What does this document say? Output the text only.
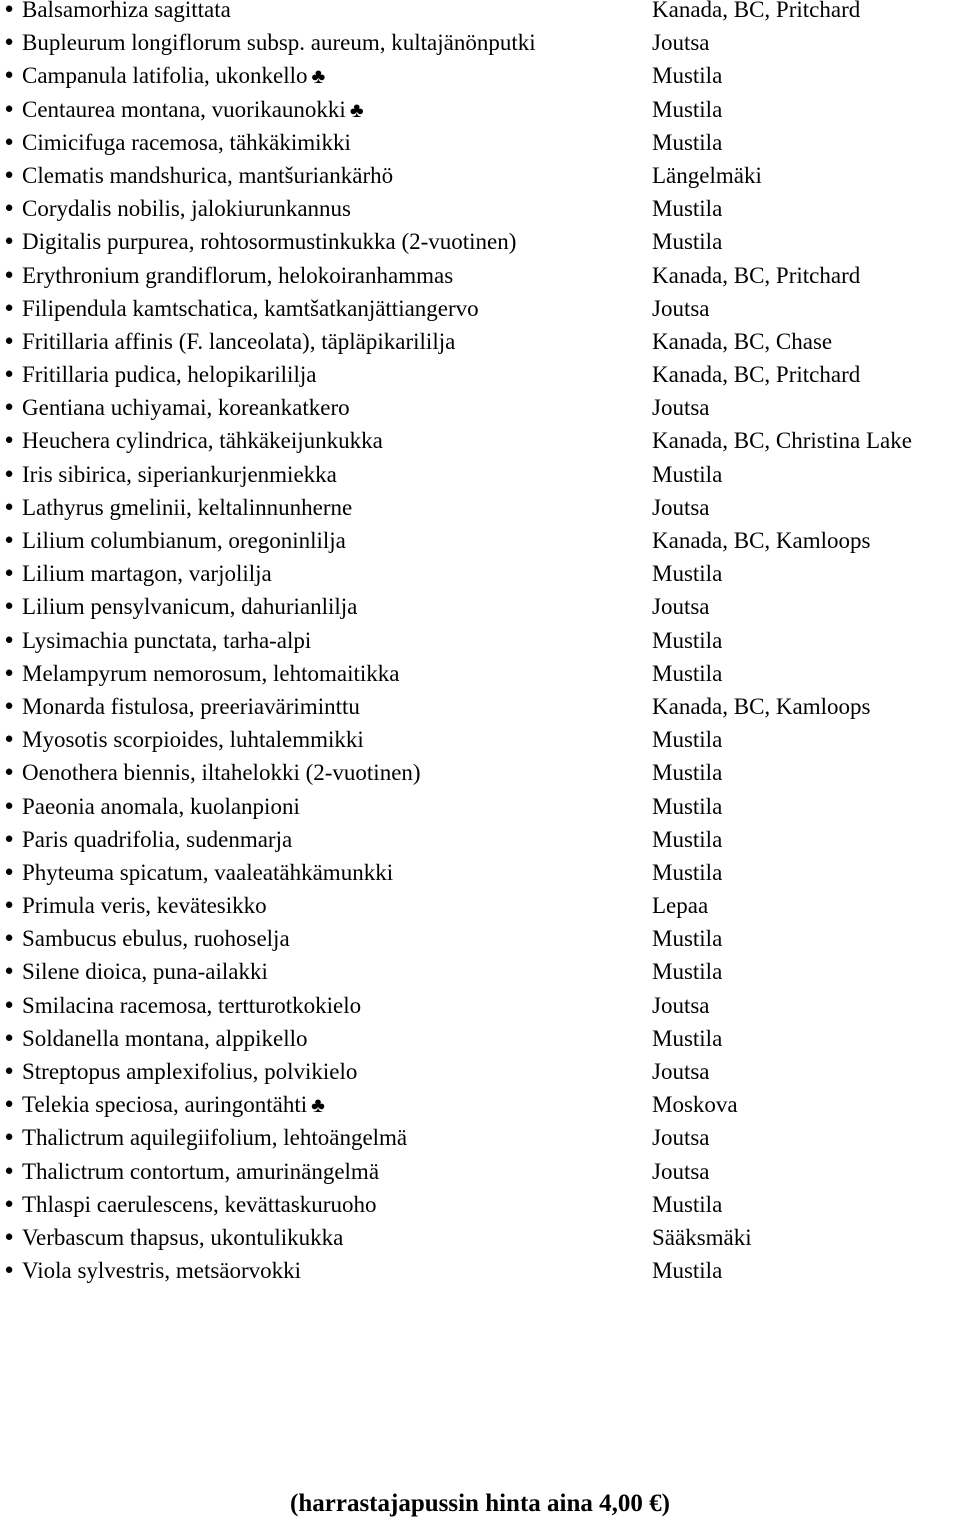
● Balsamorhiza sagittata	Kanada, BC, Pritchard
● Bupleurum longiflorum subsp. aureum, kultajänönputki	Joutsa
● Campanula latifolia, ukonkello ♣	Mustila
● Centaurea montana, vuorikaunokki ♣	Mustila
● Cimicifuga racemosa, tähkäkimikki	Mustila
● Clematis mandshurica, mantšuriankärhö	Längelmäki
● Corydalis nobilis, jalokiurunkannus	Mustila
● Digitalis purpurea, rohtosormustinkukka (2-vuotinen)	Mustila
● Erythronium grandiflorum, helokoiranhammas	Kanada, BC, Pritchard
● Filipendula kamtschatica, kamtšatkanjättiangervo	Joutsa
● Fritillaria affinis (F. lanceolata), täpläpikarililja	Kanada, BC, Chase
● Fritillaria pudica, helopikarililja	Kanada, BC, Pritchard
● Gentiana uchiyamai, koreankatkero	Joutsa
● Heuchera cylindrica, tähkäkeijunkukka	Kanada, BC, Christina Lake
● Iris sibirica, siperiankurjenmiekka	Mustila
● Lathyrus gmelinii, keltalinnunherne	Joutsa
● Lilium columbianum, oregoninlilja	Kanada, BC, Kamloops
● Lilium martagon, varjolilja	Mustila
● Lilium pensylvanicum, dahurianlilja	Joutsa
● Lysimachia punctata, tarha-alpi	Mustila
● Melampyrum nemorosum, lehtomaitikka	Mustila
● Monarda fistulosa, preeriaväriminttu	Kanada, BC, Kamloops
● Myosotis scorpioides, luhtalemmikki	Mustila
● Oenothera biennis, iltahelokki (2-vuotinen)	Mustila
● Paeonia anomala, kuolanpioni	Mustila
● Paris quadrifolia, sudenmarja	Mustila
● Phyteuma spicatum, vaaleatähkämunkki	Mustila
● Primula veris, kevätesikko	Lepaa
● Sambucus ebulus, ruohoselja	Mustila
● Silene dioica, puna-ailakki	Mustila
● Smilacina racemosa, tertturotkokielo	Joutsa
● Soldanella montana, alppikello	Mustila
● Streptopus amplexifolius, polvikielo	Joutsa
● Telekia speciosa, auringontähti ♣	Moskova
● Thalictrum aquilegiifolium, lehtoängelmä	Joutsa
● Thalictrum contortum, amurinängelmä	Joutsa
● Thlaspi caerulescens, kevättaskuruoho	Mustila
● Verbascum thapsus, ukontulikukka	Sääksmäki
● Viola sylvestris, metsäorvokki	Mustila
(harrastajapussin hinta aina 4,00 €)
